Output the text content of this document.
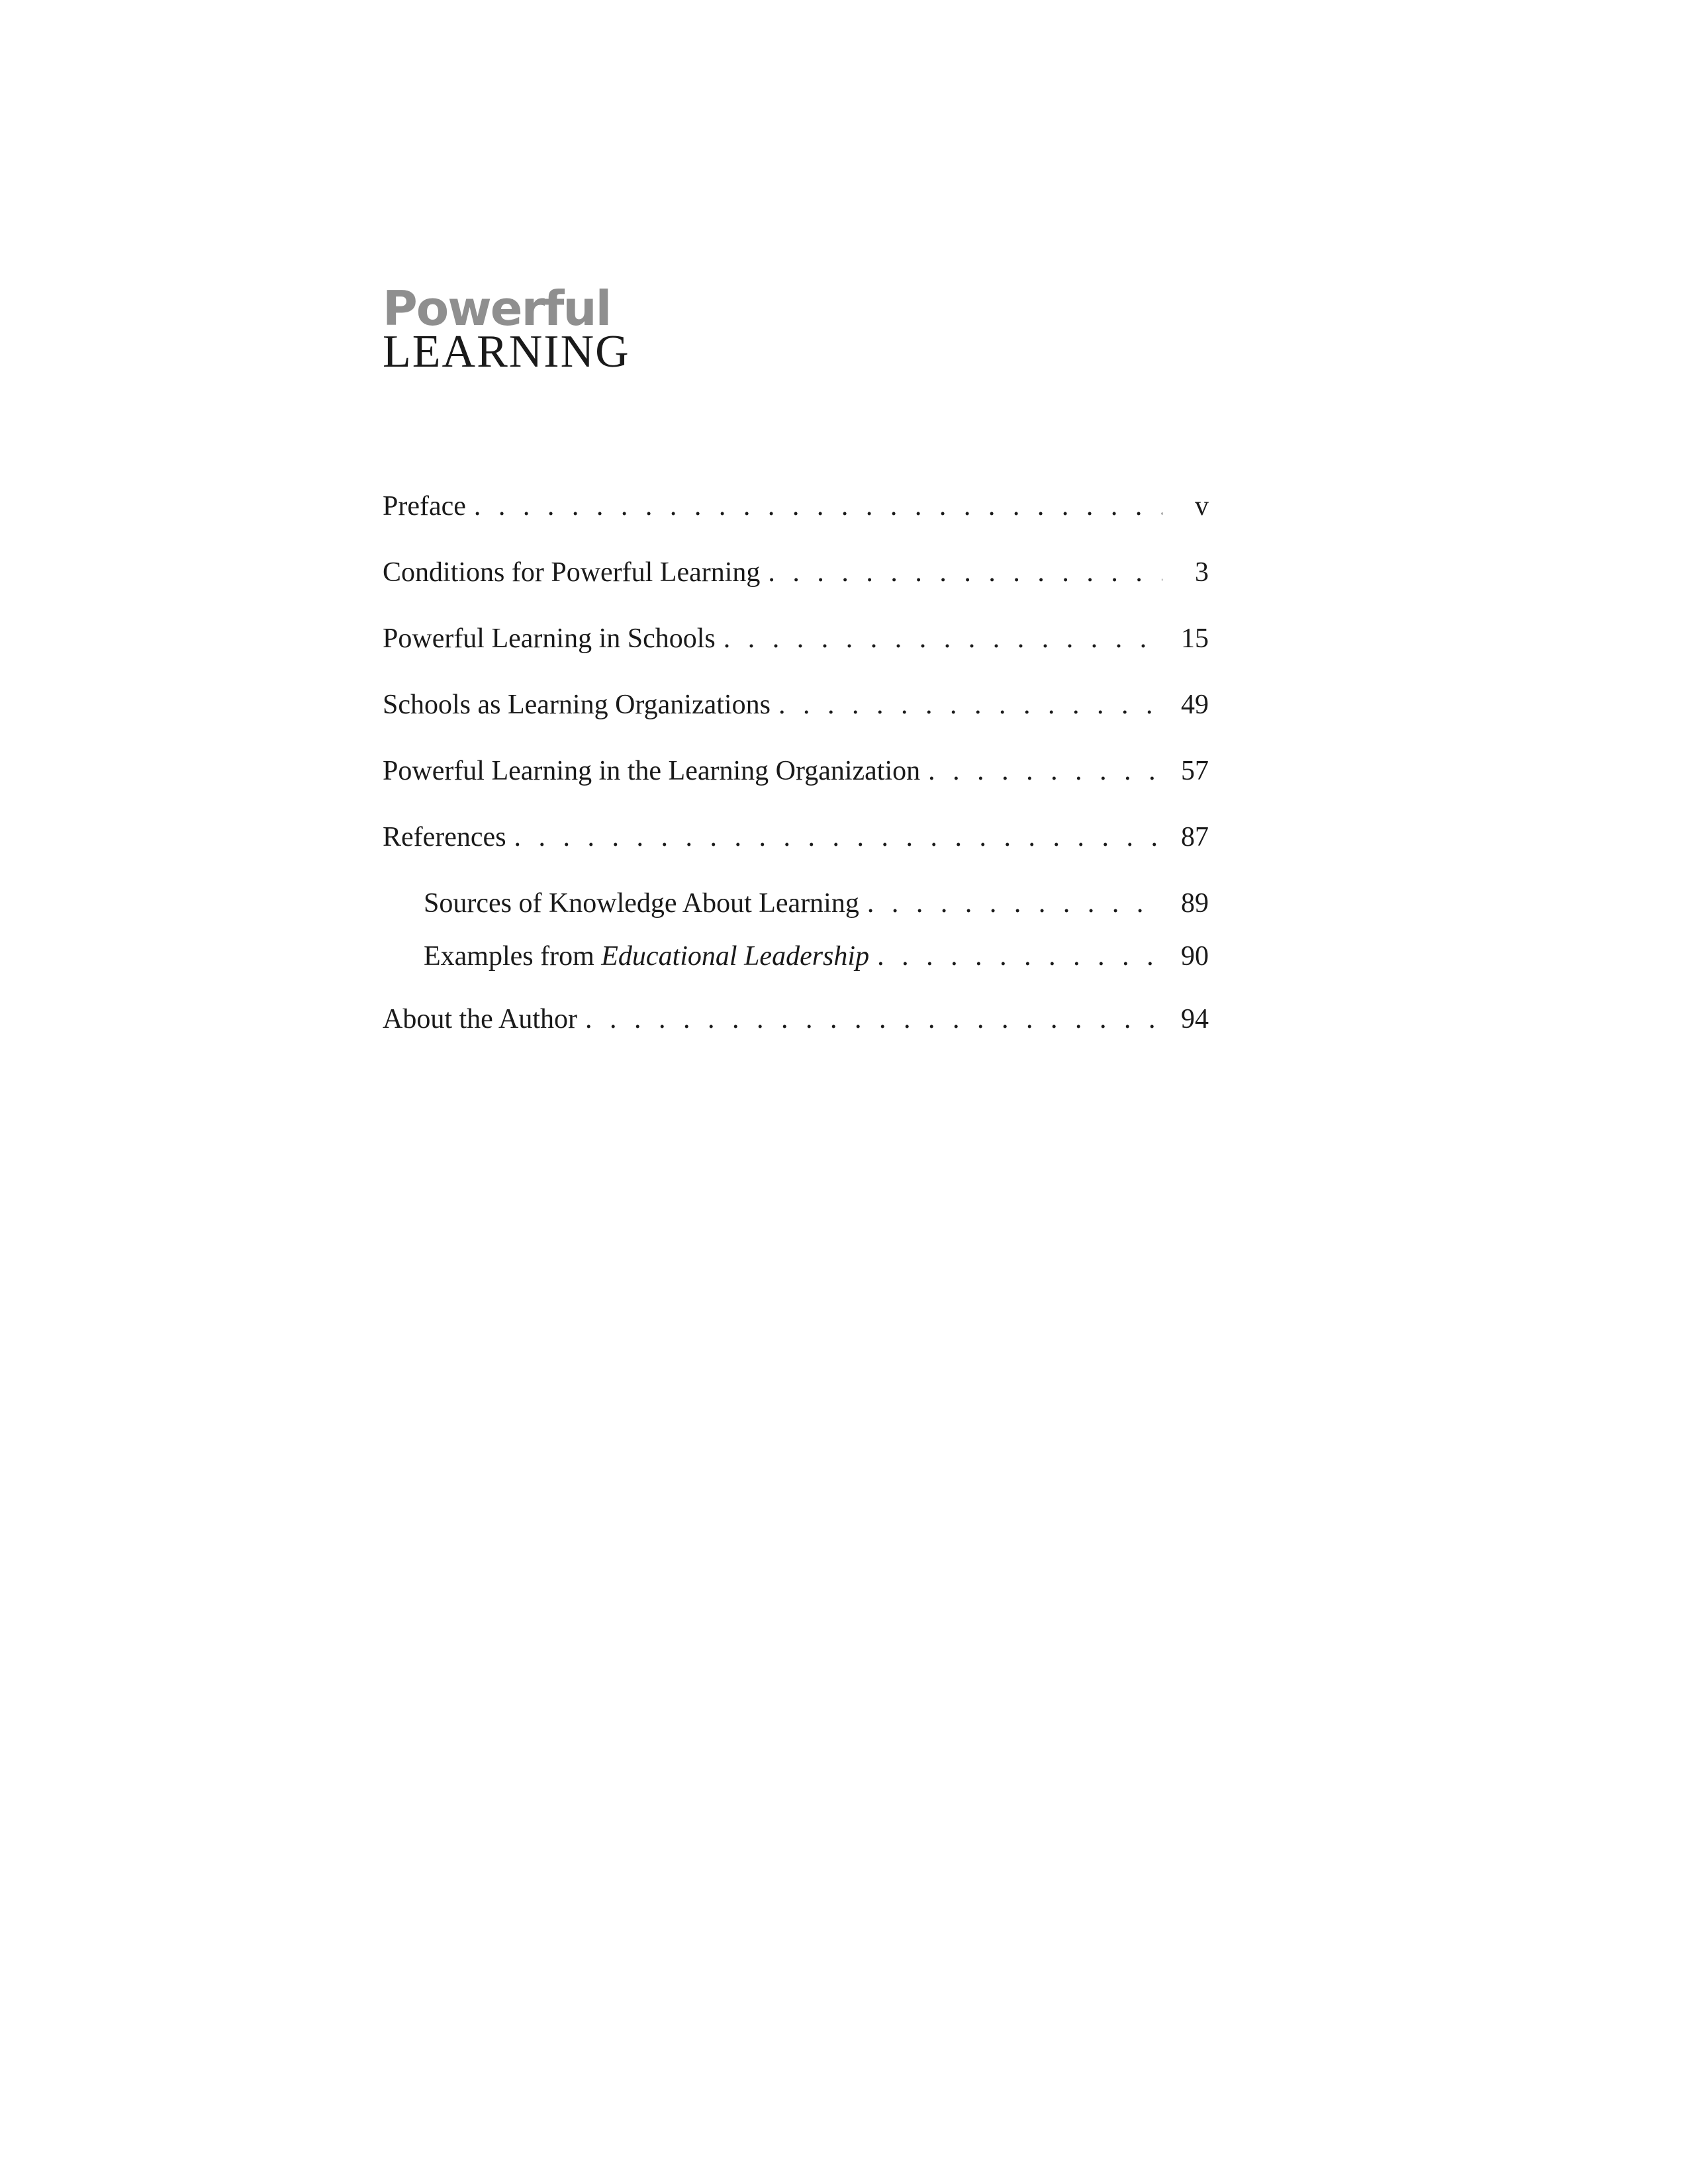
Powerful
LEARNING
Preface . . .	v
Conditions for Powerful Learning . . .	3
Powerful Learning in Schools . . .	15
Schools as Learning Organizations . . .	49
Powerful Learning in the Learning Organization . . .	57
References . . .	87
Sources of Knowledge About Learning . . .	89
Examples from Educational Leadership . . .	90
About the Author . . .	94
